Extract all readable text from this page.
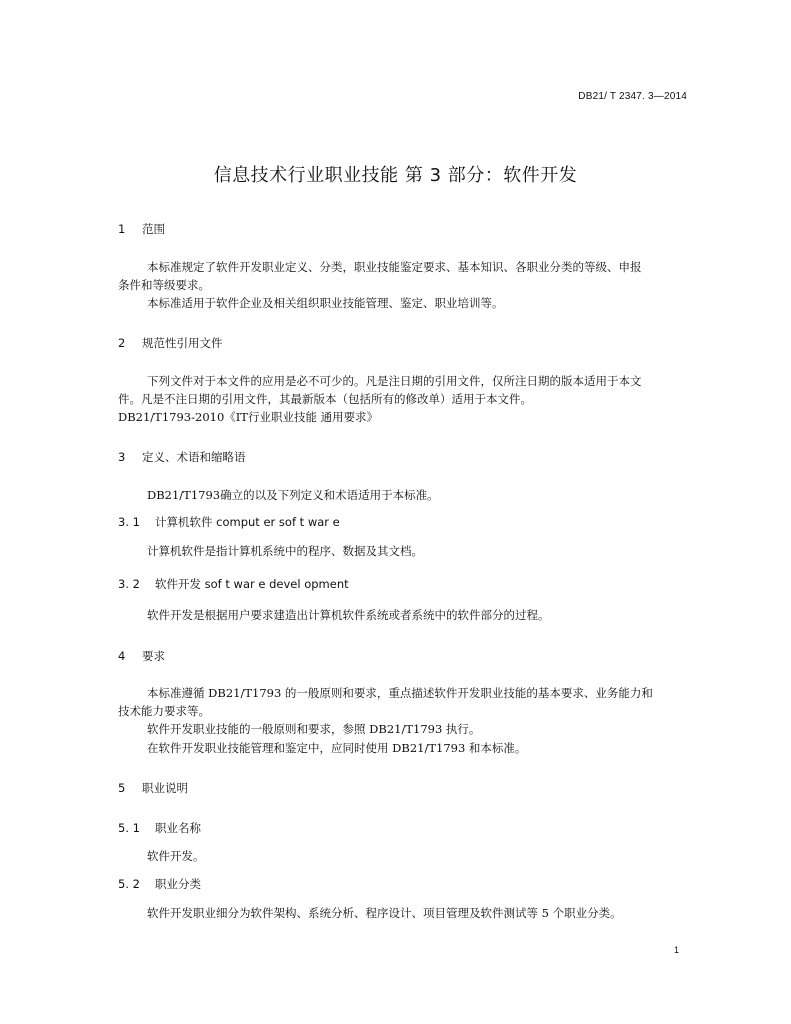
DB21/ T 2347. 3—2014
信息技术行业职业技能 第 3 部分：软件开发
1 范围
本标准规定了软件开发职业定义、分类，职业技能鉴定要求、基本知识、各职业分类的等级、申报
条件和等级要求。
本标准适用于软件企业及相关组织职业技能管理、鉴定、职业培训等。
2 规范性引用文件
下列文件对于本文件的应用是必不可少的。凡是注日期的引用文件，仅所注日期的版本适用于本文
件。凡是不注日期的引用文件，其最新版本（包括所有的修改单）适用于本文件。
DB21/T1793-2010《IT行业职业技能 通用要求》
3 定义、术语和缩略语
DB21/T1793确立的以及下列定义和术语适用于本标准。
3. 1 计算机软件 comput er sof t war e
计算机软件是指计算机系统中的程序、数据及其文档。
3. 2 软件开发 sof t war e devel opment
软件开发是根据用户要求建造出计算机软件系统或者系统中的软件部分的过程。
4 要求
本标准遵循 DB21/T1793 的一般原则和要求，重点描述软件开发职业技能的基本要求、业务能力和
技术能力要求等。
软件开发职业技能的一般原则和要求，参照 DB21/T1793 执行。
在软件开发职业技能管理和鉴定中，应同时使用 DB21/T1793 和本标准。
5 职业说明
5. 1 职业名称
软件开发。
5. 2 职业分类
软件开发职业细分为软件架构、系统分析、程序设计、项目管理及软件测试等 5 个职业分类。
1
